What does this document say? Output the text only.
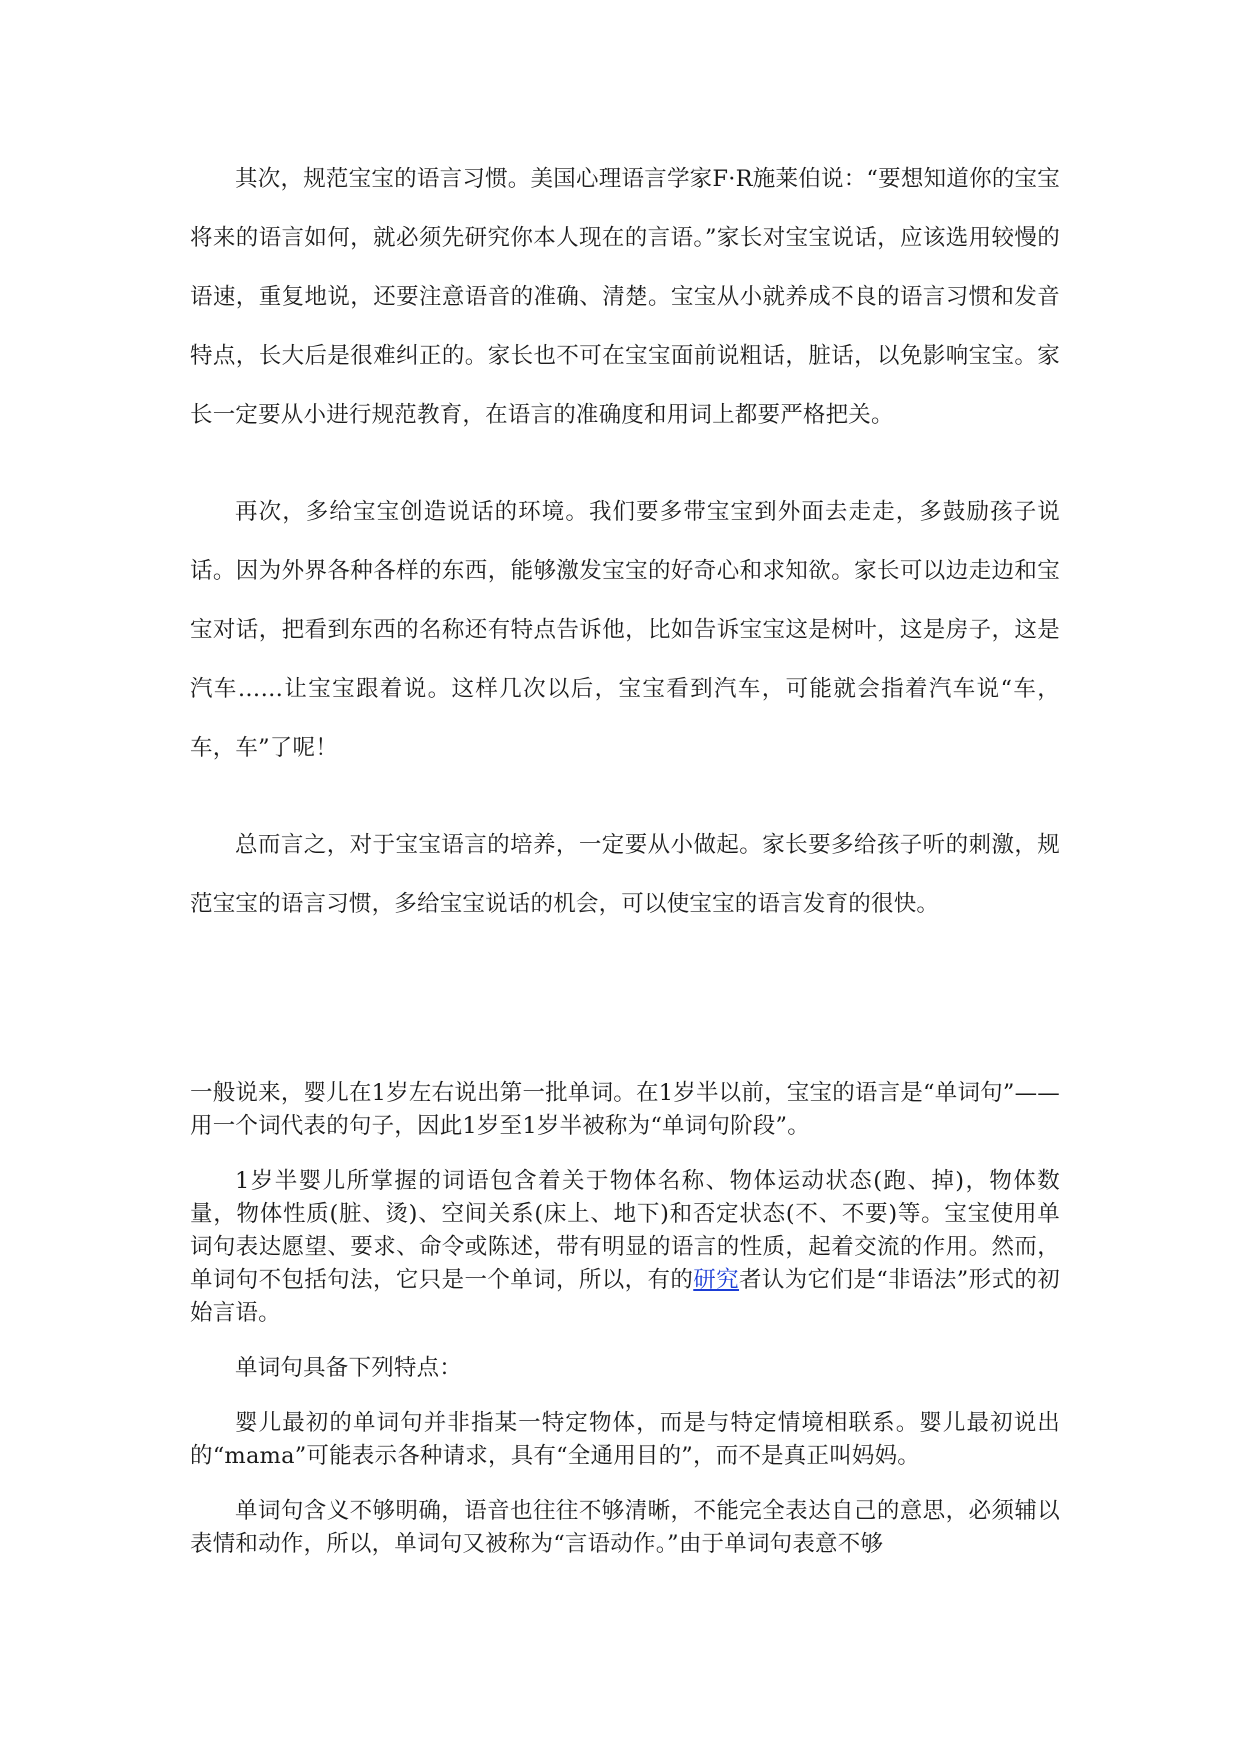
其次，规范宝宝的语言习惯。美国心理语言学家F·R施莱伯说：“要想知道你的宝宝将来的语言如何，就必须先研究你本人现在的言语。”家长对宝宝说话，应该选用较慢的语速，重复地说，还要注意语音的准确、清楚。宝宝从小就养成不良的语言习惯和发音特点，长大后是很难纠正的。家长也不可在宝宝面前说粗话，脏话，以免影响宝宝。家长一定要从小进行规范教育，在语言的准确度和用词上都要严格把关。

再次，多给宝宝创造说话的环境。我们要多带宝宝到外面去走走，多鼓励孩子说话。因为外界各种各样的东西，能够激发宝宝的好奇心和求知欲。家长可以边走边和宝宝对话，把看到东西的名称还有特点告诉他，比如告诉宝宝这是树叶，这是房子，这是汽车……让宝宝跟着说。这样几次以后，宝宝看到汽车，可能就会指着汽车说“车，车，车”了呢！

总而言之，对于宝宝语言的培养，一定要从小做起。家长要多给孩子听的刺激，规范宝宝的语言习惯，多给宝宝说话的机会，可以使宝宝的语言发育的很快。

一般说来，婴儿在1岁左右说出第一批单词。在1岁半以前，宝宝的语言是“单词句”——用一个词代表的句子，因此1岁至1岁半被称为“单词句阶段”。

1岁半婴儿所掌握的词语包含着关于物体名称、物体运动状态(跑、掉)，物体数量，物体性质(脏、烫)、空间关系(床上、地下)和否定状态(不、不要)等。宝宝使用单词句表达愿望、要求、命令或陈述，带有明显的语言的性质，起着交流的作用。然而，单词句不包括句法，它只是一个单词，所以，有的研究者认为它们是“非语法”形式的初始言语。

单词句具备下列特点：

婴儿最初的单词句并非指某一特定物体，而是与特定情境相联系。婴儿最初说出的“mama”可能表示各种请求，具有“全通用目的”，而不是真正叫妈妈。

单词句含义不够明确，语音也往往不够清晰，不能完全表达自己的意思，必须辅以表情和动作，所以，单词句又被称为“言语动作。”由于单词句表意不够
